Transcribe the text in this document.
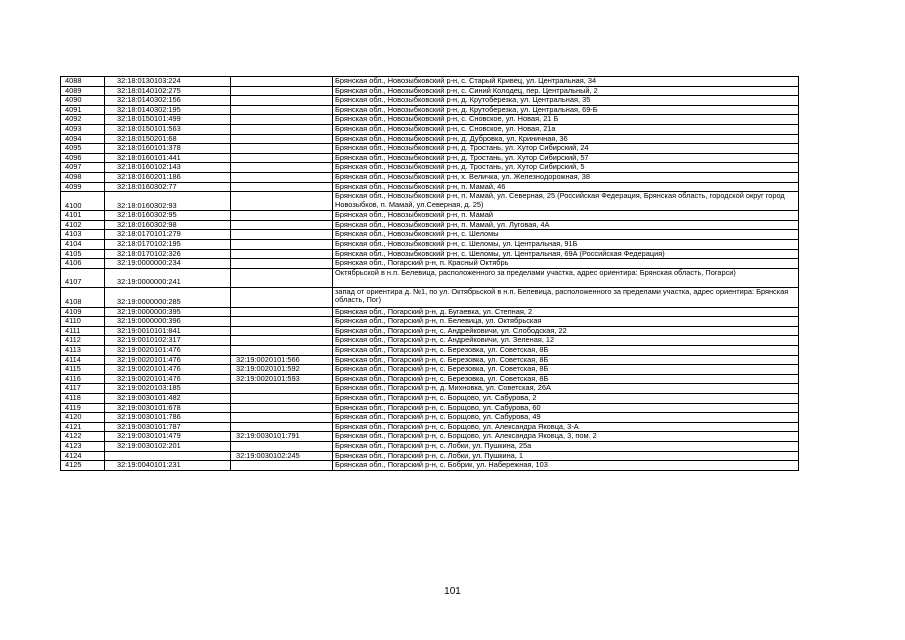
4088	32:18:0130103:224		Брянская обл., Новозыбковский р-н, с. Старый Кривец, ул. Центральная, 34
4089	32:18:0140102:275		Брянская обл., Новозыбковский р-н, с. Синий Колодец, пер. Центральный, 2
4090	32:18:0140302:156		Брянская обл., Новозыбковский р-н, д. Крутоберезка, ул. Центральная, 35
4091	32:18:0140302:195		Брянская обл., Новозыбковский р-н, д. Крутоберезка, ул. Центральная, 69-Б
4092	32:18:0150101:499		Брянская обл., Новозыбковский р-н, с. Сновское, ул. Новая, 21 Б
4093	32:18:0150101:563		Брянская обл., Новозыбковский р-н, с. Сновское, ул. Новая, 21а
4094	32:18:0150201:68		Брянская обл., Новозыбковский р-н, д. Дубровка, ул. Криничная, 36
4095	32:18:0160101:378		Брянская обл., Новозыбковский р-н, д. Тростань, ул. Хутор Сибирский, 24
4096	32:18:0160101:441		Брянская обл., Новозыбковский р-н, д. Тростань, ул. Хутор Сибирский, 57
4097	32:18:0160102:143		Брянская обл., Новозыбковский р-н, д. Тростань, ул. Хутор Сибирский, 5
4098	32:18:0160201:186		Брянская обл., Новозыбковский р-н, х. Величка, ул. Железнодорожная, 38
4099	32:18:0160302:77		Брянская обл., Новозыбковский р-н, п. Мамай, 46
4100	32:18:0160302:93		Брянская обл., Новозыбковский р-н, п. Мамай, ул. Северная, 25 (Российская Федерация, Брянская область, городской округ город Новозыбков, п. Мамай, ул.Северная, д. 25)
4101	32:18:0160302:95		Брянская обл., Новозыбковский р-н, п. Мамай
4102	32:18:0160302:98		Брянская обл., Новозыбковский р-н, п. Мамай, ул. Луговая, 4А
4103	32:18:0170101:279		Брянская обл., Новозыбковский р-н, с. Шеломы
4104	32:18:0170102:195		Брянская обл., Новозыбковский р-н, с. Шеломы, ул. Центральная, 91Б
4105	32:18:0170102:326		Брянская обл., Новозыбковский р-н, с. Шеломы, ул. Центральная, 69А (Российская Федерация)
4106	32:19:0000000:234		Брянская обл., Погарский р-н, п. Красный Октябрь
4107	32:19:0000000:241		Октябрьской в н.п. Белевица, расположенного за пределами участка, адрес ориентира: Брянская область, Погарси)
4108	32:19:0000000:285		запад от ориентира д. №1, по ул. Октябрьской в н.п. Белевица, расположенного за пределами участка, адрес ориентира: Брянская область, Пог)
4109	32:19:0000000:395		Брянская обл., Погарский р-н, д. Бугаевка, ул. Степная, 2
4110	32:19:0000000:396		Брянская обл., Погарский р-н, п. Белевица, ул. Октябрьская
4111	32:19:0010101:841		Брянская обл., Погарский р-н, с. Андрейковичи, ул. Слободская, 22
4112	32:19:0010102:317		Брянская обл., Погарский р-н, с. Андрейковичи, ул. Зеленая, 12
4113	32:19:0020101:476		Брянская обл., Погарский р-н, с. Березовка, ул. Советская, 8Б
4114	32:19:0020101:476	32:19:0020101:566	Брянская обл., Погарский р-н, с. Березовка, ул. Советская, 8Б
4115	32:19:0020101:476	32:19:0020101:592	Брянская обл., Погарский р-н, с. Березовка, ул. Советская, 8Б
4116	32:19:0020101:476	32:19:0020101:593	Брянская обл., Погарский р-н, с. Березовка, ул. Советская, 8Б
4117	32:19:0020103:185		Брянская обл., Погарский р-н, д. Михновка, ул. Советская, 26А
4118	32:19:0030101:482		Брянская обл., Погарский р-н, с. Борщово, ул. Сабурова, 2
4119	32:19:0030101:678		Брянская обл., Погарский р-н, с. Борщово, ул. Сабурова, 60
4120	32:19:0030101:786		Брянская обл., Погарский р-н, с. Борщово, ул. Сабурова, 49
4121	32:19:0030101:787		Брянская обл., Погарский р-н, с. Борщово, ул. Александра Яковца, 3-А
4122	32:19:0030101:479	32:19:0030101:791	Брянская обл., Погарский р-н, с. Борщово, ул. Александра Яковца, 3, пом. 2
4123	32:19:0030102:201		Брянская обл., Погарский р-н, с. Лобки, ул. Пушкина, 25а
4124		32:19:0030102:245	Брянская обл., Погарский р-н, с. Лобки, ул. Пушкина, 1
4125	32:19:0040101:231		Брянская обл., Погарский р-н, с. Бобрик, ул. Набережная, 103
101
